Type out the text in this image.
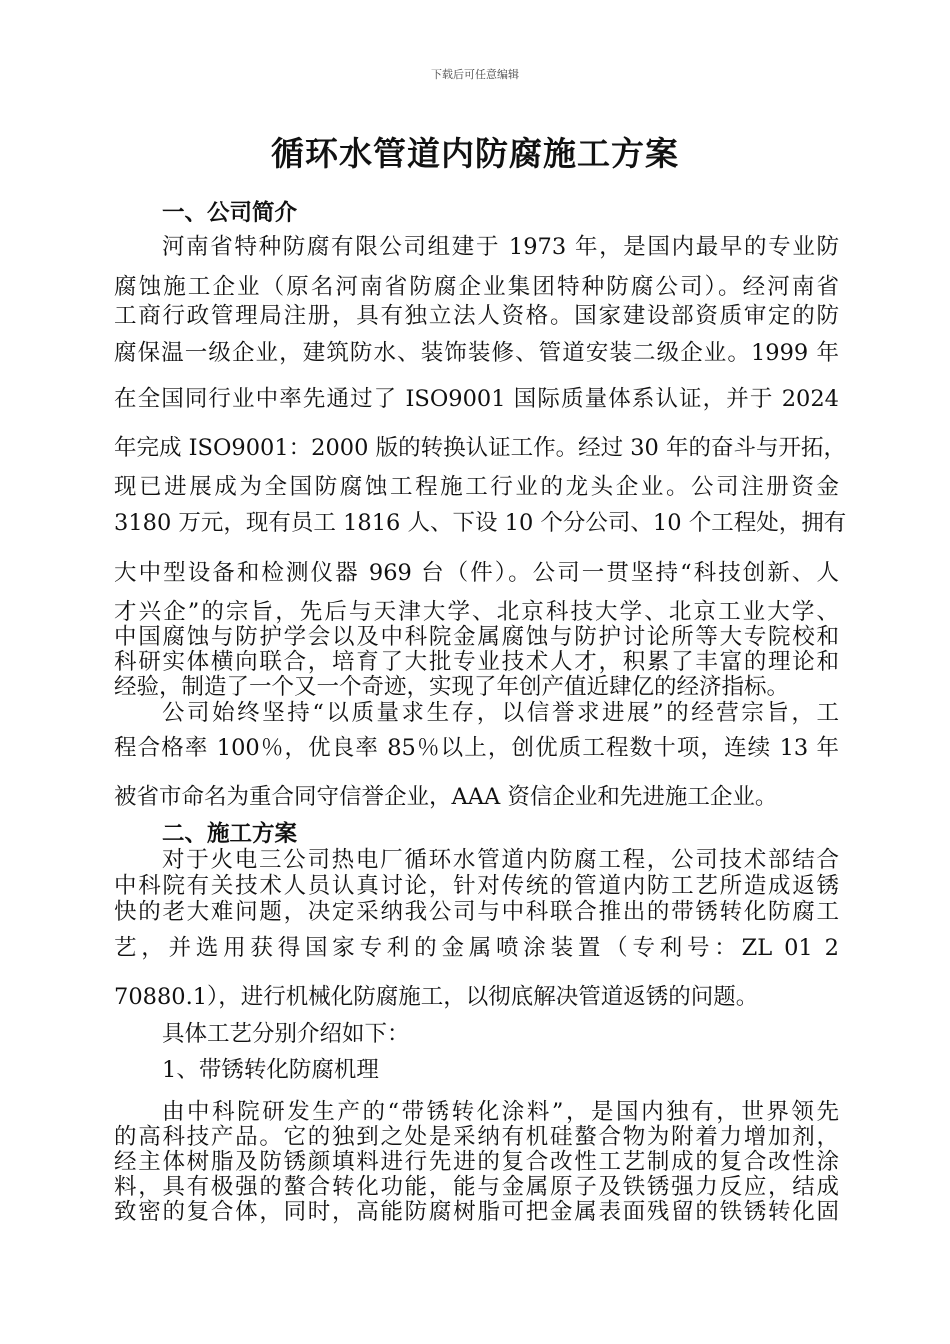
下载后可任意编辑
循环水管道内防腐施工方案
一、公司简介
河南省特种防腐有限公司组建于 1973 年，是国内最早的专业防
腐蚀施工企业（原名河南省防腐企业集团特种防腐公司）。经河南省
工商行政管理局注册，具有独立法人资格。国家建设部资质审定的防
腐保温一级企业，建筑防水、装饰装修、管道安装二级企业。1999 年
在全国同行业中率先通过了 ISO9001 国际质量体系认证，并于 2024
年完成 ISO9001：2000 版的转换认证工作。经过 30 年的奋斗与开拓，
现已进展成为全国防腐蚀工程施工行业的龙头企业。公司注册资金
3180 万元，现有员工 1816 人、下设 10 个分公司、10 个工程处，拥有
大中型设备和检测仪器 969 台（件）。公司一贯坚持“科技创新、人
才兴企”的宗旨，先后与天津大学、北京科技大学、北京工业大学、
中国腐蚀与防护学会以及中科院金属腐蚀与防护讨论所等大专院校和
科研实体横向联合，培育了大批专业技术人才，积累了丰富的理论和
经验，制造了一个又一个奇迹，实现了年创产值近肆亿的经济指标。
公司始终坚持“以质量求生存，以信誉求进展”的经营宗旨，工
程合格率 100％，优良率 85％以上，创优质工程数十项，连续 13 年
被省市命名为重合同守信誉企业，AAA 资信企业和先进施工企业。
二、施工方案
对于火电三公司热电厂循环水管道内防腐工程，公司技术部结合
中科院有关技术人员认真讨论，针对传统的管道内防工艺所造成返锈
快的老大难问题，决定采纳我公司与中科联合推出的带锈转化防腐工
艺，并选用获得国家专利的金属喷涂装置（专利号：ZL 01 2
70880.1），进行机械化防腐施工，以彻底解决管道返锈的问题。
具体工艺分别介绍如下：
1、带锈转化防腐机理
由中科院研发生产的“带锈转化涂料”，是国内独有，世界领先
的高科技产品。它的独到之处是采纳有机硅螯合物为附着力增加剂，
经主体树脂及防锈颜填料进行先进的复合改性工艺制成的复合改性涂
料，具有极强的螯合转化功能，能与金属原子及铁锈强力反应，结成
致密的复合体，同时，高能防腐树脂可把金属表面残留的铁锈转化固
